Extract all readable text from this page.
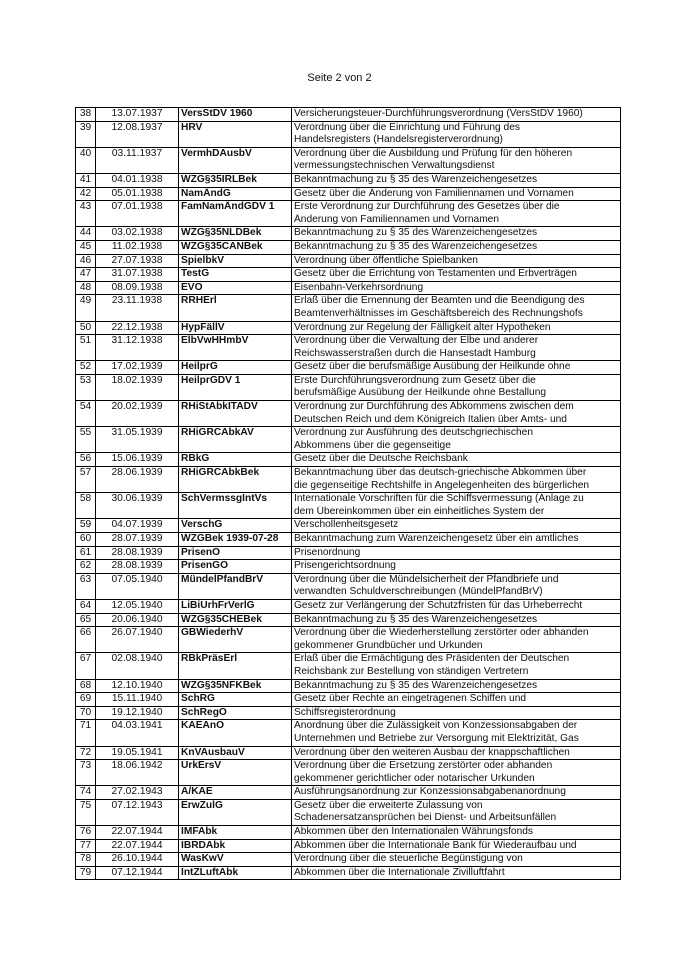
Seite 2 von 2
38	13.07.1937	VersStDV 1960	Versicherungsteuer-Durchführungsverordnung (VersStDV 1960)

39	12.08.1937	HRV	Verordnung über die Einrichtung und Führung des
Handelsregisters (Handelsregisterverordnung)

40	03.11.1937	VermhDAusbV	Verordnung über die Ausbildung und Prüfung für den höheren
vermessungstechnischen Verwaltungsdienst

41	04.01.1938	WZG§35IRLBek	Bekanntmachung zu § 35 des Warenzeichengesetzes

42	05.01.1938	NamÄndG	Gesetz über die Änderung von Familiennamen und Vornamen

43	07.01.1938	FamNamÄndGDV 1	Erste Verordnung zur Durchführung des Gesetzes über die
Änderung von Familiennamen und Vornamen

44	03.02.1938	WZG§35NLDBek	Bekanntmachung zu § 35 des Warenzeichengesetzes

45	11.02.1938	WZG§35CANBek	Bekanntmachung zu § 35 des Warenzeichengesetzes

46	27.07.1938	SpielbkV	Verordnung über öffentliche Spielbanken

47	31.07.1938	TestG	Gesetz über die Errichtung von Testamenten und Erbverträgen

48	08.09.1938	EVO	Eisenbahn-Verkehrsordnung

49	23.11.1938	RRHErl	Erlaß über die Ernennung der Beamten und die Beendigung des
Beamtenverhältnisses im Geschäftsbereich des Rechnungshofs

50	22.12.1938	HypFällV	Verordnung zur Regelung der Fälligkeit alter Hypotheken

51	31.12.1938	ElbVwHHmbV	Verordnung über die Verwaltung der Elbe und anderer
Reichswasserstraßen durch die Hansestadt Hamburg

52	17.02.1939	HeilprG	Gesetz über die berufsmäßige Ausübung der Heilkunde ohne

53	18.02.1939	HeilprGDV 1	Erste Durchführungsverordnung zum Gesetz über die
berufsmäßige Ausübung der Heilkunde ohne Bestallung

54	20.02.1939	RHiStAbkITADV	Verordnung zur Durchführung des Abkommens zwischen dem
Deutschen Reich und dem Königreich Italien über Amts- und

55	31.05.1939	RHiGRCAbkAV	Verordnung zur Ausführung des deutschgriechischen
Abkommens über die gegenseitige

56	15.06.1939	RBkG	Gesetz über die Deutsche Reichsbank

57	28.06.1939	RHiGRCAbkBek	Bekanntmachung über das deutsch-griechische Abkommen über
die gegenseitige Rechtshilfe in Angelegenheiten des bürgerlichen

58	30.06.1939	SchVermssgIntVs	Internationale Vorschriften für die Schiffsvermessung (Anlage zu
dem Übereinkommen über ein einheitliches System der

59	04.07.1939	VerschG	Verschollenheitsgesetz

60	28.07.1939	WZGBek 1939-07-28	Bekanntmachung zum Warenzeichengesetz über ein amtliches

61	28.08.1939	PrisenO	Prisenordnung

62	28.08.1939	PrisenGO	Prisengerichtsordnung

63	07.05.1940	MündelPfandBrV	Verordnung über die Mündelsicherheit der Pfandbriefe und
verwandten Schuldverschreibungen (MündelPfandBrV)

64	12.05.1940	LiBiUrhFrVerlG	Gesetz zur Verlängerung der Schutzfristen für das Urheberrecht

65	20.06.1940	WZG§35CHEBek	Bekanntmachung zu § 35 des Warenzeichengesetzes

66	26.07.1940	GBWiederhV	Verordnung über die Wiederherstellung zerstörter oder abhanden
gekommener Grundbücher und Urkunden

67	02.08.1940	RBkPräsErl	Erlaß über die Ermächtigung des Präsidenten der Deutschen
Reichsbank zur Bestellung von ständigen Vertretern

68	12.10.1940	WZG§35NFKBek	Bekanntmachung zu § 35 des Warenzeichengesetzes

69	15.11.1940	SchRG	Gesetz über Rechte an eingetragenen Schiffen und

70	19.12.1940	SchRegO	Schiffsregisterordnung

71	04.03.1941	KAEAnO	Anordnung über die Zulässigkeit von Konzessionsabgaben der
Unternehmen und Betriebe zur Versorgung mit Elektrizität, Gas

72	19.05.1941	KnVAusbauV	Verordnung über den weiteren Ausbau der knappschaftlichen

73	18.06.1942	UrkErsV	Verordnung über die Ersetzung zerstörter oder abhanden
gekommener gerichtlicher oder notarischer Urkunden

74	27.02.1943	A/KAE	Ausführungsanordnung zur Konzessionsabgabenanordnung

75	07.12.1943	ErwZulG	Gesetz über die erweiterte Zulassung von
Schadenersatzansprüchen bei Dienst- und Arbeitsunfällen

76	22.07.1944	IMFAbk	Abkommen über den Internationalen Währungsfonds

77	22.07.1944	IBRDAbk	Abkommen über die Internationale Bank für Wiederaufbau und

78	26.10.1944	WasKwV	Verordnung über die steuerliche Begünstigung von

79	07.12.1944	IntZLuftAbk	Abkommen über die Internationale Zivilluftfahrt
